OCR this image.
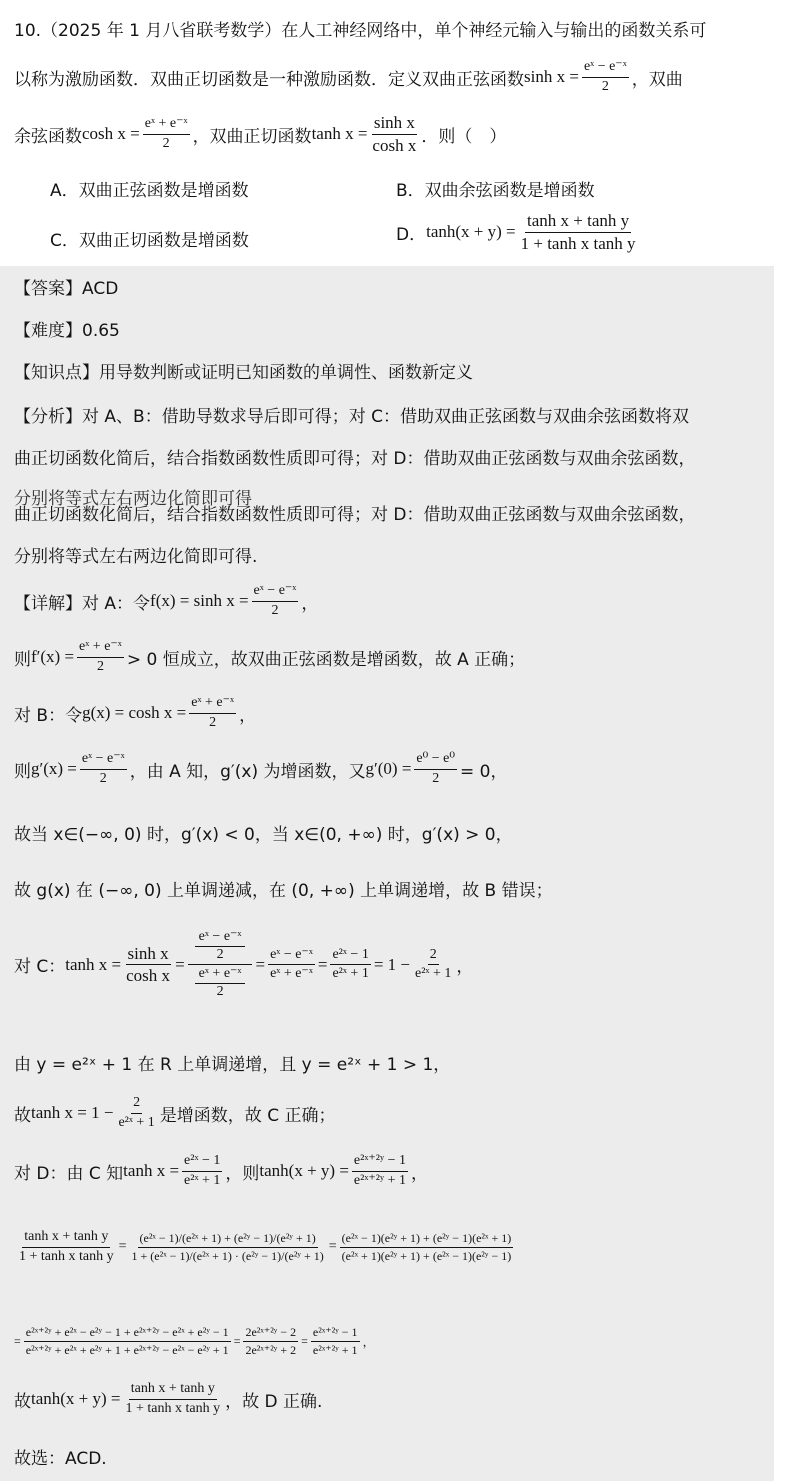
10.（2025 年 1 月八省联考数学）在人工神经网络中，单个神经元输入与输出的函数关系可
以称为激励函数．双曲正切函数是一种激励函数．定义双曲正弦函数 $\sinh x = \frac{\text{eˣ − e⁻ˣ}}{2}$ ，双曲
余弦函数 $\cosh x = \frac{\text{eˣ + e⁻ˣ}}{2}$ ，双曲正切函数 $\tanh x = \frac{\text{sinh x}}{\text{cosh x}}$ ．则（　）
A．双曲正弦函数是增函数	B．双曲余弦函数是增函数
C．双曲正切函数是增函数	D． $\tanh(x + y) = \frac{\text{tanh x + tanh y}}{\text{1 + tanh x tanh y}}$
【答案】ACD
【难度】0.65
【知识点】用导数判断或证明已知函数的单调性、函数新定义
【分析】对 A、B：借助导数求导后即可得；对 C：借助双曲正弦函数与双曲余弦函数将双
曲正切函数化简后，结合指数函数性质即可得；对 D：借助双曲正弦函数与双曲余弦函数，
分别将等式左右两边化简即可得
曲正切函数化简后，结合指数函数性质即可得；对 D：借助双曲正弦函数与双曲余弦函数，
分别将等式左右两边化简即可得.
【详解】对 A：令 $f(x) = \sinh x = \frac{\text{eˣ − e⁻ˣ}}{2}$ ，
则 $f'(x) = \frac{\text{eˣ + e⁻ˣ}}{2} > 0$ 恒成立，故双曲正弦函数是增函数，故 A 正确；
对 B：令 $g(x) = \cosh x = \frac{\text{eˣ + e⁻ˣ}}{2}$ ，
则 $g'(x) = \frac{\text{eˣ − e⁻ˣ}}{2}$ ，由 A 知，g′(x) 为增函数，又 $g'(0) = \frac{\text{e⁰ − e⁰}}{2} = 0$，
故当 x∈(−∞, 0) 时，g′(x) < 0，当 x∈(0, +∞) 时，g′(x) > 0，
故 g(x) 在 (−∞, 0) 上单调递减，在 (0, +∞) 上单调递增，故 B 错误；
对 C： $\tanh x = \frac{\text{sinh x}}{\text{cosh x}} = \frac{\frac{\text{eˣ − e⁻ˣ}}{2}}{\frac{\text{eˣ + e⁻ˣ}}{2}} = \frac{\text{eˣ − e⁻ˣ}}{\text{eˣ + e⁻ˣ}} = \frac{\text{e²ˣ − 1}}{\text{e²ˣ + 1}} = 1 - \frac{2}{\text{e²ˣ + 1}}$ ，
由 y = e²ˣ + 1 在 R 上单调递增，且 y = e²ˣ + 1 > 1，
故 $\tanh x = 1 - \frac{2}{\text{e²ˣ + 1}}$ 是增函数，故 C 正确；
对 D：由 C 知 $\tanh x = \frac{\text{e²ˣ − 1}}{\text{e²ˣ + 1}}$ ，则 $\tanh(x + y) = \frac{\text{e²ˣ⁺²ʸ − 1}}{\text{e²ˣ⁺²ʸ + 1}}$ ，
$\frac{\text{tanh x + tanh y}}{\text{1 + tanh x tanh y}} = \frac{\text{(e²ˣ − 1)/(e²ˣ + 1) + (e²ʸ − 1)/(e²ʸ + 1)}}{\text{1 + (e²ˣ − 1)/(e²ˣ + 1) · (e²ʸ − 1)/(e²ʸ + 1)}} = \frac{\text{(e²ˣ − 1)(e²ʸ + 1) + (e²ʸ − 1)(e²ˣ + 1)}}{\text{(e²ˣ + 1)(e²ʸ + 1) + (e²ˣ − 1)(e²ʸ − 1)}}$
= $\frac{\text{e²ˣ⁺²ʸ + e²ˣ − e²ʸ − 1 + e²ˣ⁺²ʸ − e²ˣ + e²ʸ − 1}}{\text{e²ˣ⁺²ʸ + e²ˣ + e²ʸ + 1 + e²ˣ⁺²ʸ − e²ˣ − e²ʸ + 1}} = \frac{\text{2e²ˣ⁺²ʸ − 2}}{\text{2e²ˣ⁺²ʸ + 2}} = \frac{\text{e²ˣ⁺²ʸ − 1}}{\text{e²ˣ⁺²ʸ + 1}}$ ，
故 $\tanh(x + y) = \frac{\text{tanh x + tanh y}}{\text{1 + tanh x tanh y}}$ ，故 D 正确.
故选：ACD.
